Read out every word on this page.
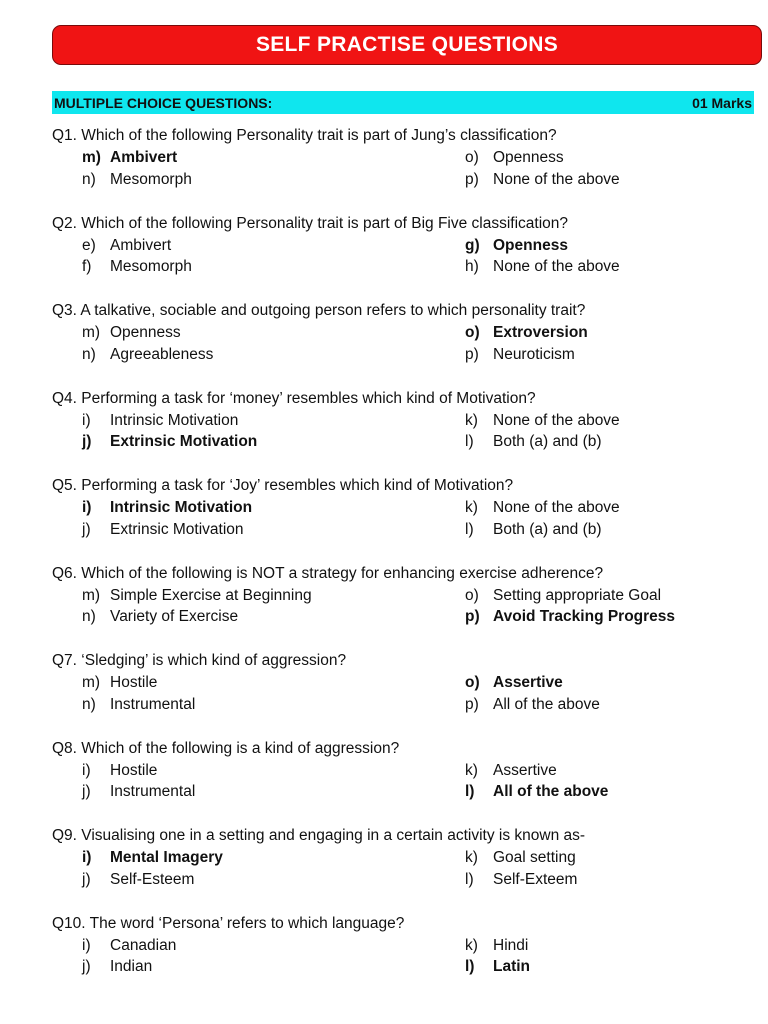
SELF PRACTISE QUESTIONS
MULTIPLE CHOICE QUESTIONS:	01 Marks
Q1. Which of the following Personality trait is part of Jung’s classification?
m) Ambivert	o) Openness
n) Mesomorph	p) None of the above
Q2. Which of the following Personality trait is part of Big Five classification?
e) Ambivert	g) Openness
f)	Mesomorph	h) None of the above
Q3. A talkative, sociable and outgoing person refers to which personality trait?
m) Openness	o) Extroversion
n) Agreeableness	p) Neuroticism
Q4. Performing a task for ‘money’ resembles which kind of Motivation?
i)	Intrinsic Motivation	k) None of the above
j)	Extrinsic Motivation	l)	Both (a) and (b)
Q5. Performing a task for ‘Joy’ resembles which kind of Motivation?
i)	Intrinsic Motivation	k) None of the above
j)	Extrinsic Motivation	l)	Both (a) and (b)
Q6. Which of the following is NOT a strategy for enhancing exercise adherence?
m) Simple Exercise at Beginning	o) Setting appropriate Goal
n) Variety of Exercise	p) Avoid Tracking Progress
Q7. ‘Sledging’ is which kind of aggression?
m) Hostile	o) Assertive
n) Instrumental	p) All of the above
Q8. Which of the following is a kind of aggression?
i)	Hostile	k) Assertive
j)	Instrumental	l)	All of the above
Q9. Visualising one in a setting and engaging in a certain activity is known as-
i)	Mental Imagery	k) Goal setting
j)	Self-Esteem	l)	Self-Exteem
Q10. The word ‘Persona’ refers to which language?
i)	Canadian	k) Hindi
j)	Indian	l)	Latin
